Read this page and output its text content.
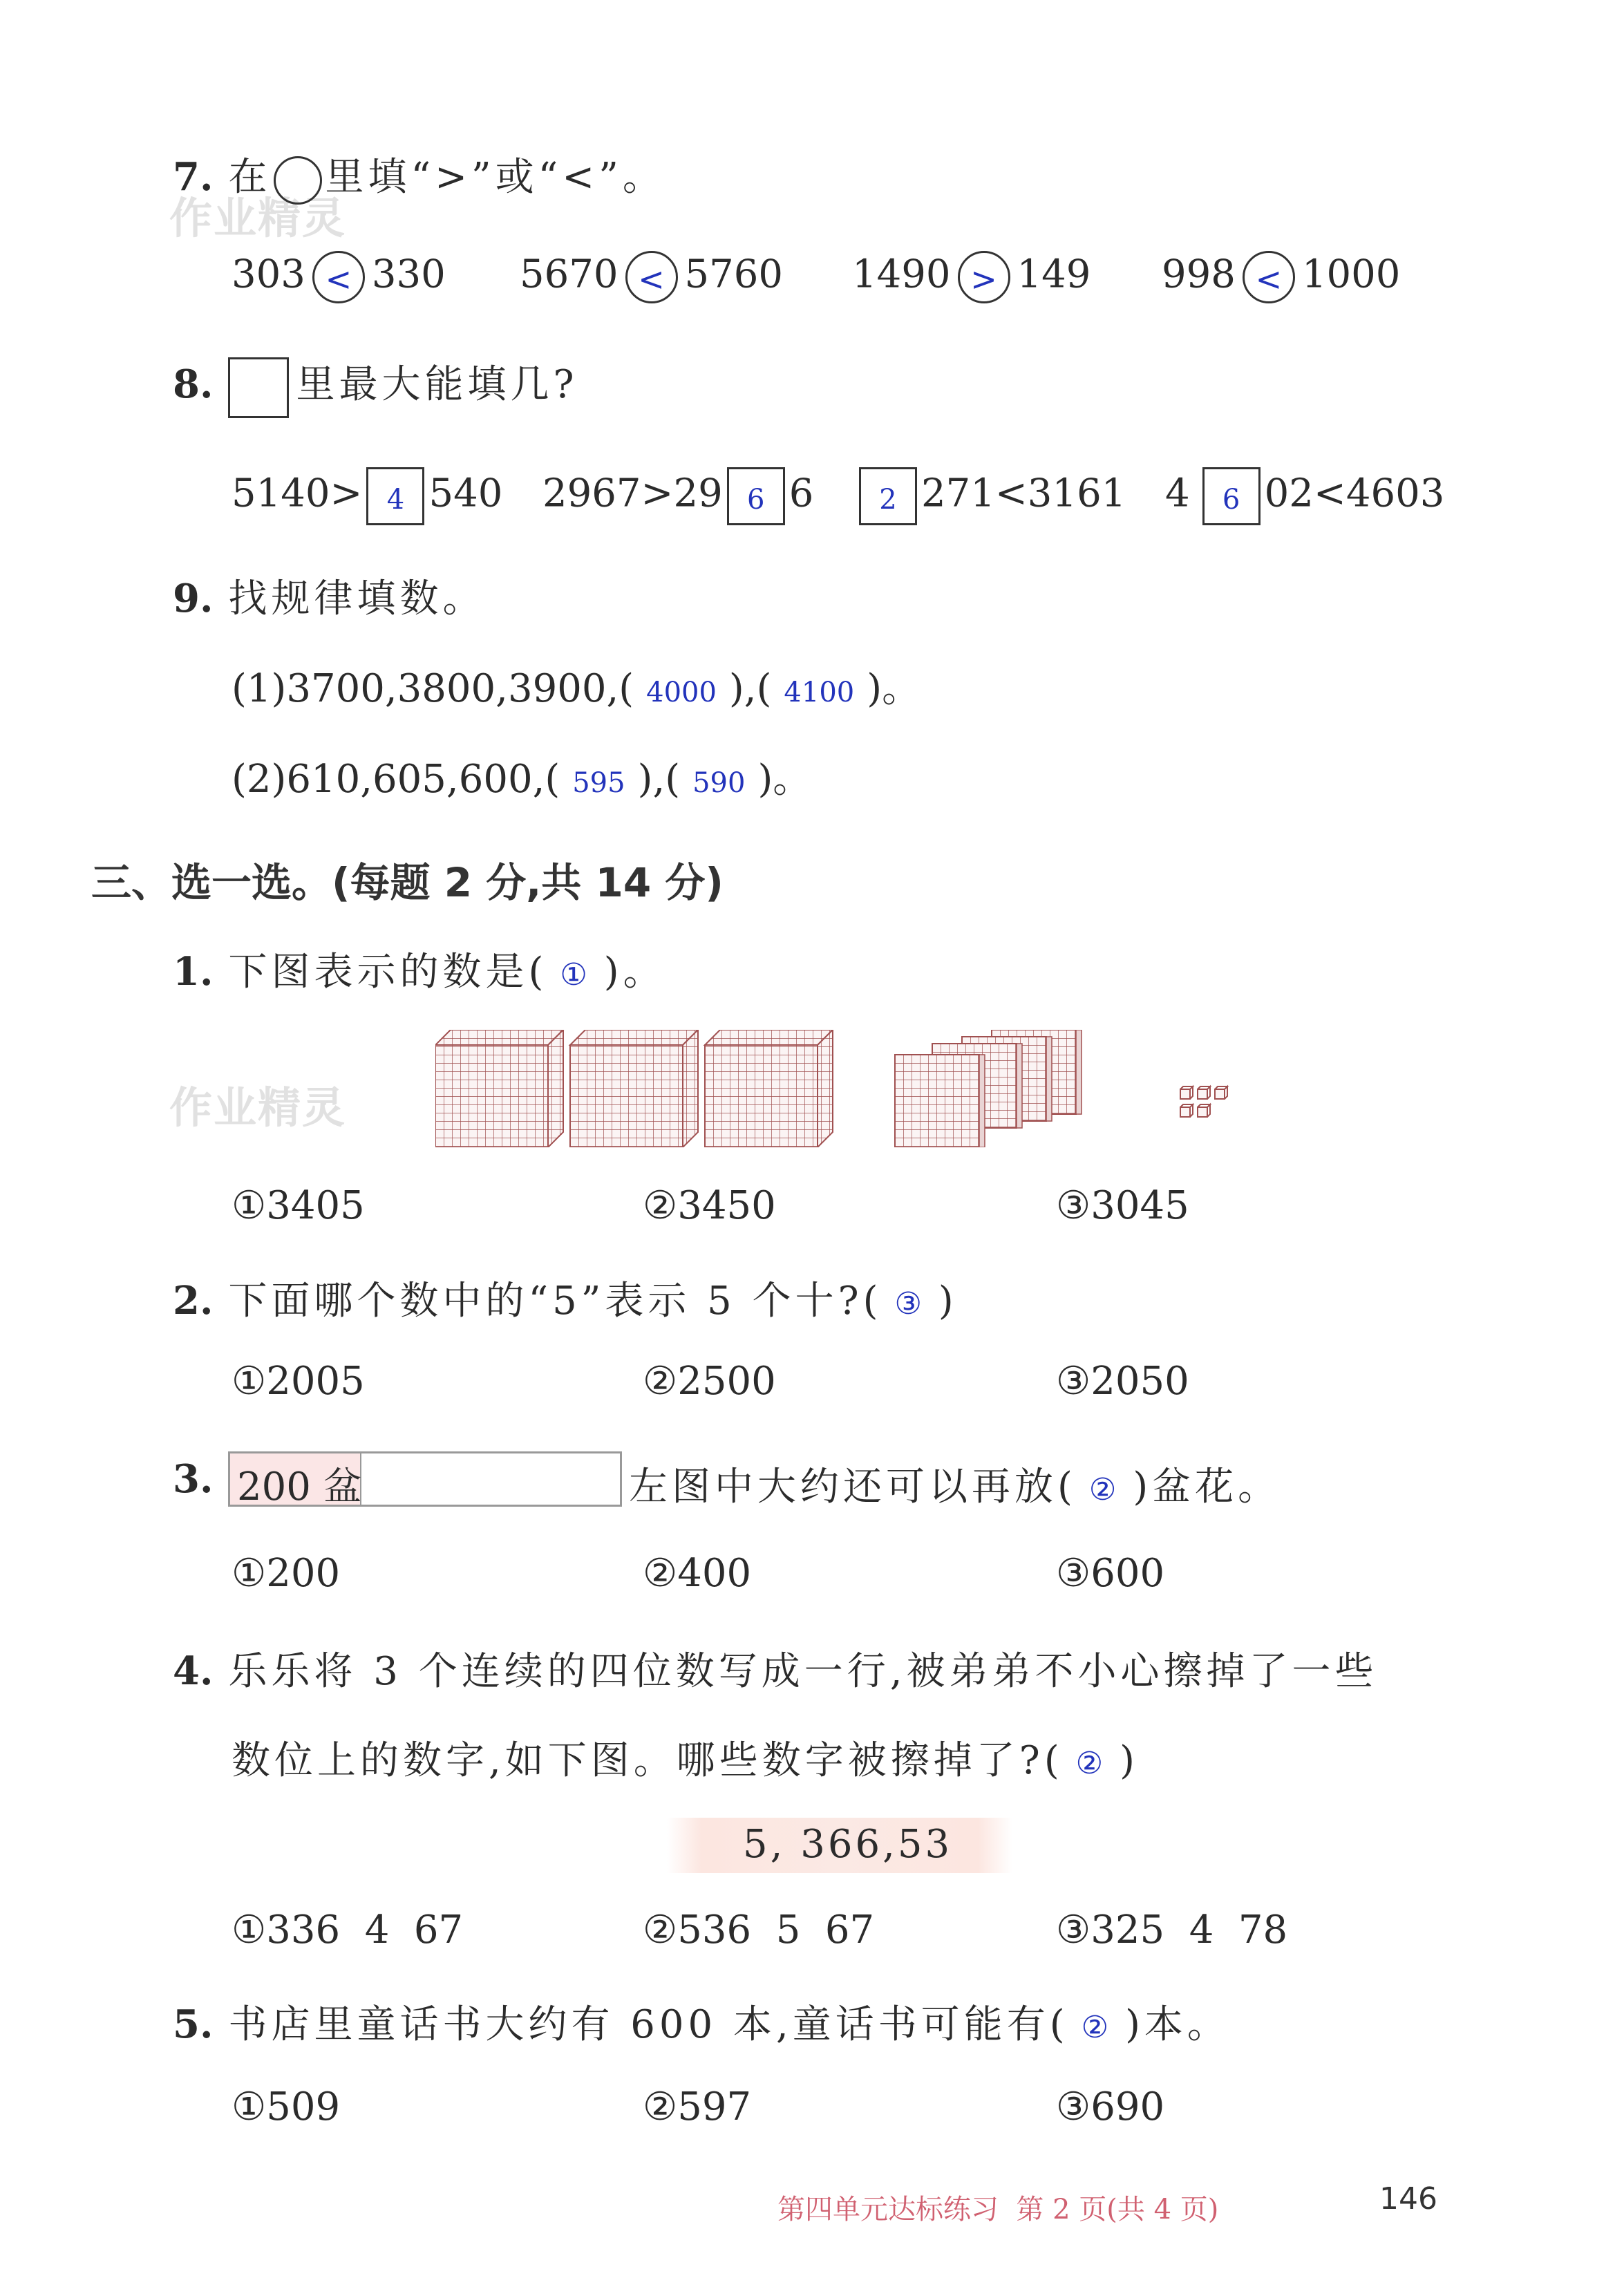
作业精灵
作业精灵
7. 在 里填“>”或“<”。
303 < 330 5670 < 5760 1490 > 149 998 < 1000
8. 里最大能填几?
5140> 4 540 2967>29 6 6	2 271<3161 4 6 02<4603
9. 找规律填数。
(1)3700,3800,3900,( 4000 ),( 4100 )。
(2)610,605,600,( 595 ),( 590 )。
三、选一选。(每题 2 分,共 14 分)
1. 下图表示的数是( ① )。
①3405	②3450	③3045
2. 下面哪个数中的“5”表示 5 个十?( ③ )
①2005	②2500	③2050
3. 200 盆	左图中大约还可以再放( ② )盆花。
①200	②400	③600
4. 乐乐将 3 个连续的四位数写成一行,被弟弟不小心擦掉了一些
数位上的数字,如下图。哪些数字被擦掉了?( ② )
5, 366,53
①336  4  67	②536  5  67	③325  4  78
5. 书店里童话书大约有 600 本,童话书可能有( ② )本。
①509	②597	③690
第四单元达标练习  第 2 页(共 4 页)	146
